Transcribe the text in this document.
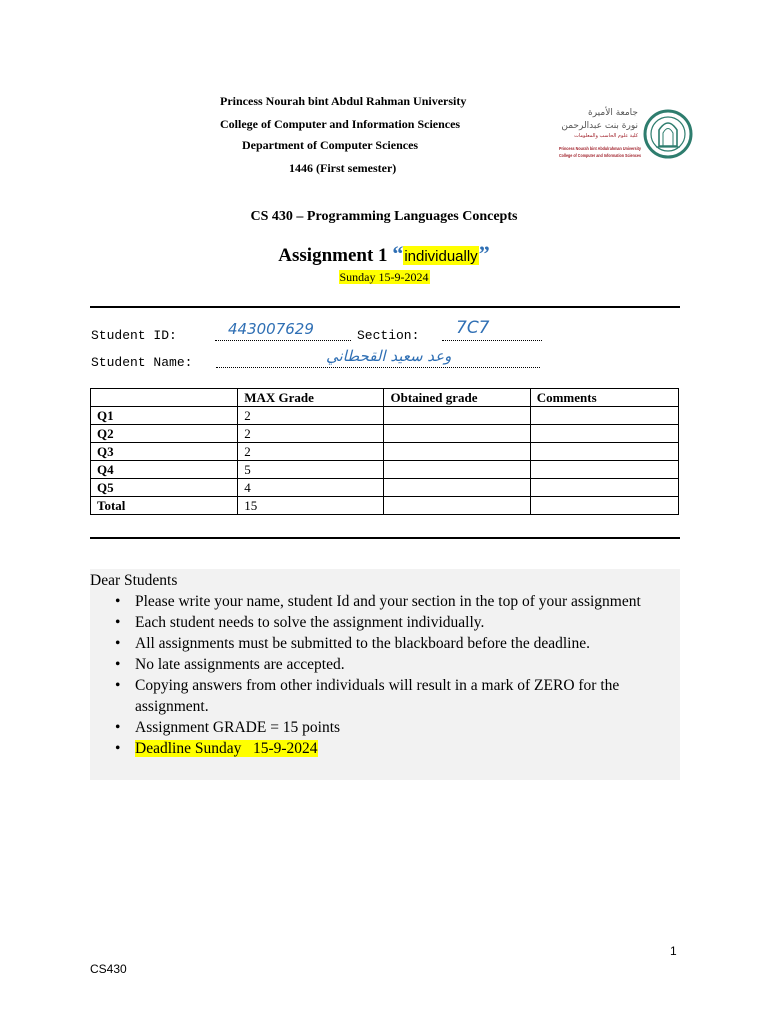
Princess Nourah bint Abdul Rahman University
College of Computer and Information Sciences
Department of Computer Sciences
1446 (First semester)
جامعة الأميرة
نورة بنت عبدالرحمن
كلية علوم الحاسب والمعلومات
Princess Nourah bint Abdulrahman University
College of Computer and Information Sciences
CS 430 – Programming Languages Concepts
Assignment 1 “individually”
Sunday 15-9-2024
Student ID:	443007629	Section: 7C7
Student Name:	وعد سعيد القحطاني
	MAX Grade	Obtained grade	Comments
Q1	2		
Q2	2		
Q3	2		
Q4	5		
Q5	4		
Total	15		
Dear Students
• Please write your name, student Id and your section in the top of your assignment
• Each student needs to solve the assignment individually.
• All assignments must be submitted to the blackboard before the deadline.
• No late assignments are accepted.
• Copying answers from other individuals will result in a mark of ZERO for the assignment.
• Assignment GRADE = 15 points
• Deadline Sunday   15-9-2024
1
CS430
